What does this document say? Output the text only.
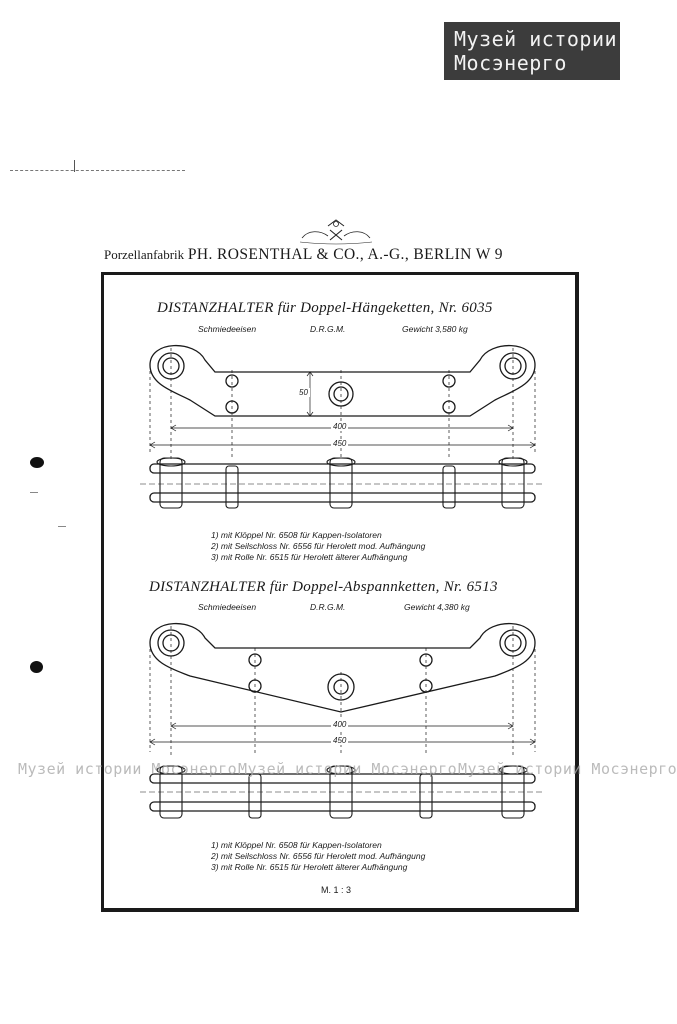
Музей истории
Мосэнерго
Porzellanfabrik PH. ROSENTHAL & CO., A.-G., BERLIN W 9
DISTANZHALTER für Doppel-Hängeketten, Nr. 6035
Schmiedeeisen	D.R.G.M.	Gewicht 3,580 kg
DISTANZHALTER für Doppel-Abspannketten, Nr. 6513
Schmiedeeisen	D.R.G.M.	Gewicht 4,380 kg
50
400
450
400
450
1) mit Klöppel Nr. 6508 für Kappen-Isolatoren
2) mit Seilschloss Nr. 6556 für Herolett mod. Aufhängung
3) mit Rolle Nr. 6515 für Herolett älterer Aufhängung
1) mit Klöppel Nr. 6508 für Kappen-Isolatoren
2) mit Seilschloss Nr. 6556 für Herolett mod. Aufhängung
3) mit Rolle Nr. 6515 für Herolett älterer Aufhängung
M. 1 : 3
Музей истории Мосэнерго Музей истории Мосэнерго Музей истории Мосэнерго
